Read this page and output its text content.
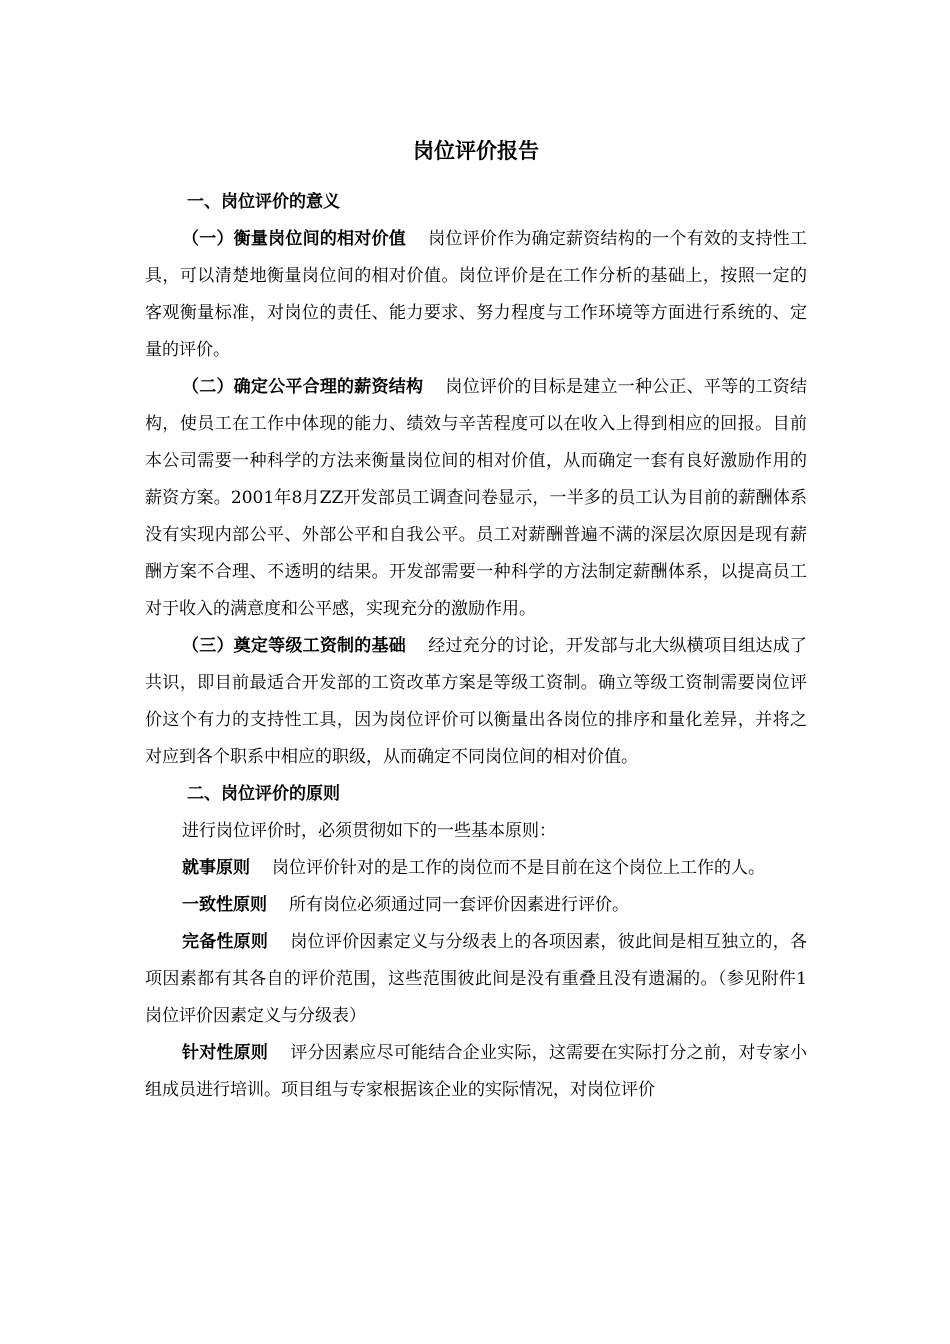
岗位评价报告
一、岗位评价的意义

（一）衡量岗位间的相对价值 岗位评价作为确定薪资结构的一个有效的支持性工具，可以清楚地衡量岗位间的相对价值。岗位评价是在工作分析的基础上，按照一定的客观衡量标准，对岗位的责任、能力要求、努力程度与工作环境等方面进行系统的、定量的评价。

（二）确定公平合理的薪资结构 岗位评价的目标是建立一种公正、平等的工资结构，使员工在工作中体现的能力、绩效与辛苦程度可以在收入上得到相应的回报。目前本公司需要一种科学的方法来衡量岗位间的相对价值，从而确定一套有良好激励作用的薪资方案。2001年8月ZZ开发部员工调查问卷显示，一半多的员工认为目前的薪酬体系没有实现内部公平、外部公平和自我公平。员工对薪酬普遍不满的深层次原因是现有薪酬方案不合理、不透明的结果。开发部需要一种科学的方法制定薪酬体系，以提高员工对于收入的满意度和公平感，实现充分的激励作用。

（三）奠定等级工资制的基础 经过充分的讨论，开发部与北大纵横项目组达成了共识，即目前最适合开发部的工资改革方案是等级工资制。确立等级工资制需要岗位评价这个有力的支持性工具，因为岗位评价可以衡量出各岗位的排序和量化差异，并将之对应到各个职系中相应的职级，从而确定不同岗位间的相对价值。

二、岗位评价的原则

进行岗位评价时，必须贯彻如下的一些基本原则：

就事原则 岗位评价针对的是工作的岗位而不是目前在这个岗位上工作的人。

一致性原则 所有岗位必须通过同一套评价因素进行评价。

完备性原则 岗位评价因素定义与分级表上的各项因素，彼此间是相互独立的，各项因素都有其各自的评价范围，这些范围彼此间是没有重叠且没有遗漏的。（参见附件1 岗位评价因素定义与分级表）

针对性原则 评分因素应尽可能结合企业实际，这需要在实际打分之前，对专家小组成员进行培训。项目组与专家根据该企业的实际情况，对岗位评价
